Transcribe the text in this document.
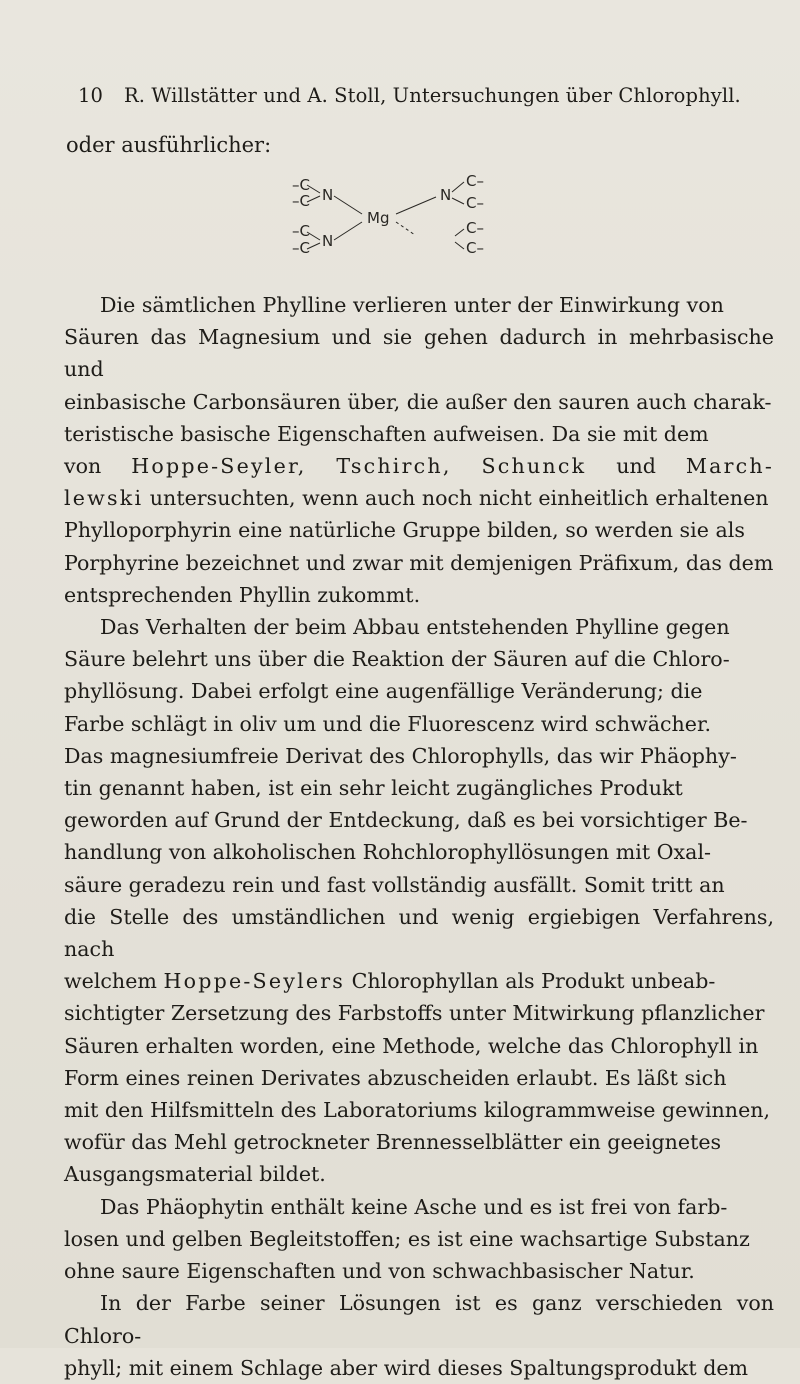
10 R. Willstätter und A. Stoll, Untersuchungen über Chlorophyll.
oder ausführlicher:
–C
–C N
–C
–C N
Mg
N
C–
C–
C–
C–

Die sämtlichen Phylline verlieren unter der Einwirkung von
Säuren das Magnesium und sie gehen dadurch in mehrbasische und
einbasische Carbonsäuren über, die außer den sauren auch charak-
teristische basische Eigenschaften aufweisen. Da sie mit dem
von Hoppe-Seyler, Tschirch, Schunck und March-
lewski untersuchten, wenn auch noch nicht einheitlich erhaltenen
Phylloporphyrin eine natürliche Gruppe bilden, so werden sie als
Porphyrine bezeichnet und zwar mit demjenigen Präfixum, das dem
entsprechenden Phyllin zukommt.

Das Verhalten der beim Abbau entstehenden Phylline gegen
Säure belehrt uns über die Reaktion der Säuren auf die Chloro-
phyllösung. Dabei erfolgt eine augenfällige Veränderung; die
Farbe schlägt in oliv um und die Fluorescenz wird schwächer.
Das magnesiumfreie Derivat des Chlorophylls, das wir Phäophy-
tin genannt haben, ist ein sehr leicht zugängliches Produkt
geworden auf Grund der Entdeckung, daß es bei vorsichtiger Be-
handlung von alkoholischen Rohchlorophyllösungen mit Oxal-
säure geradezu rein und fast vollständig ausfällt. Somit tritt an
die Stelle des umständlichen und wenig ergiebigen Verfahrens, nach
welchem Hoppe-Seylers Chlorophyllan als Produkt unbeab-
sichtigter Zersetzung des Farbstoffs unter Mitwirkung pflanzlicher
Säuren erhalten worden, eine Methode, welche das Chlorophyll in
Form eines reinen Derivates abzuscheiden erlaubt. Es läßt sich
mit den Hilfsmitteln des Laboratoriums kilogrammweise gewinnen,
wofür das Mehl getrockneter Brennesselblätter ein geeignetes
Ausgangsmaterial bildet.

Das Phäophytin enthält keine Asche und es ist frei von farb-
losen und gelben Begleitstoffen; es ist eine wachsartige Substanz
ohne saure Eigenschaften und von schwachbasischer Natur.

In der Farbe seiner Lösungen ist es ganz verschieden von Chloro-
phyll; mit einem Schlage aber wird dieses Spaltungsprodukt dem
